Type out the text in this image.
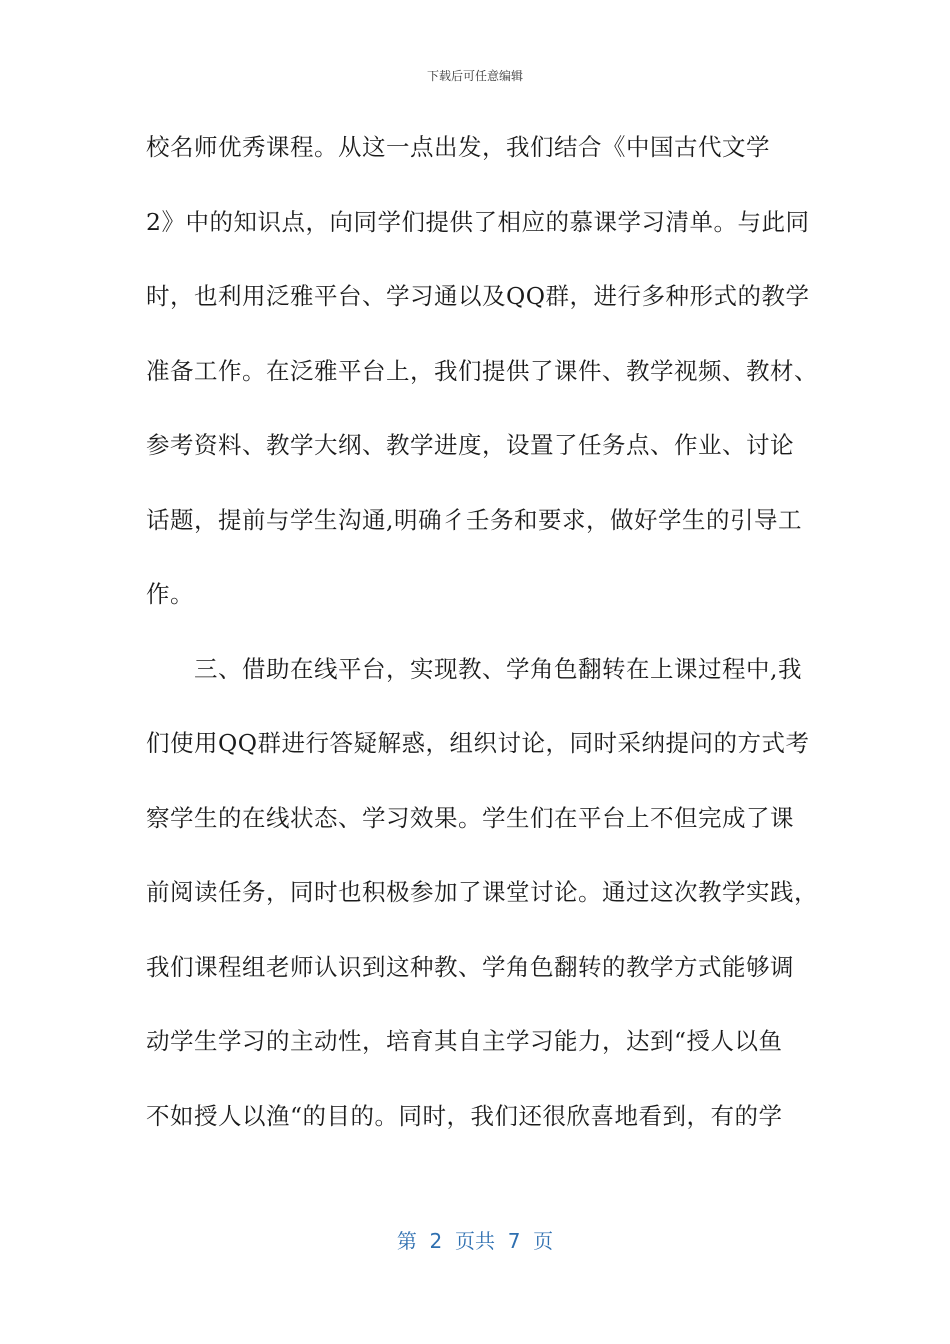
下载后可任意编辑
校名师优秀课程。从这一点出发，我们结合《中国古代文学
2》中的知识点，向同学们提供了相应的慕课学习清单。与此同
时，也利用泛雅平台、学习通以及QQ群，进行多种形式的教学
准备工作。在泛雅平台上，我们提供了课件、教学视频、教材、
参考资料、教学大纲、教学进度，设置了任务点、作业、讨论
话题，提前与学生沟通,明确彳壬务和要求，做好学生的引导工
作。
　　三、借助在线平台，实现教、学角色翻转在上课过程中,我
们使用QQ群进行答疑解惑，组织讨论，同时采纳提问的方式考
察学生的在线状态、学习效果。学生们在平台上不但完成了课
前阅读任务，同时也积极参加了课堂讨论。通过这次教学实践，
我们课程组老师认识到这种教、学角色翻转的教学方式能够调
动学生学习的主动性，培育其自主学习能力，达到“授人以鱼
不如授人以渔“的目的。同时，我们还很欣喜地看到，有的学
第  2  页共  7  页
